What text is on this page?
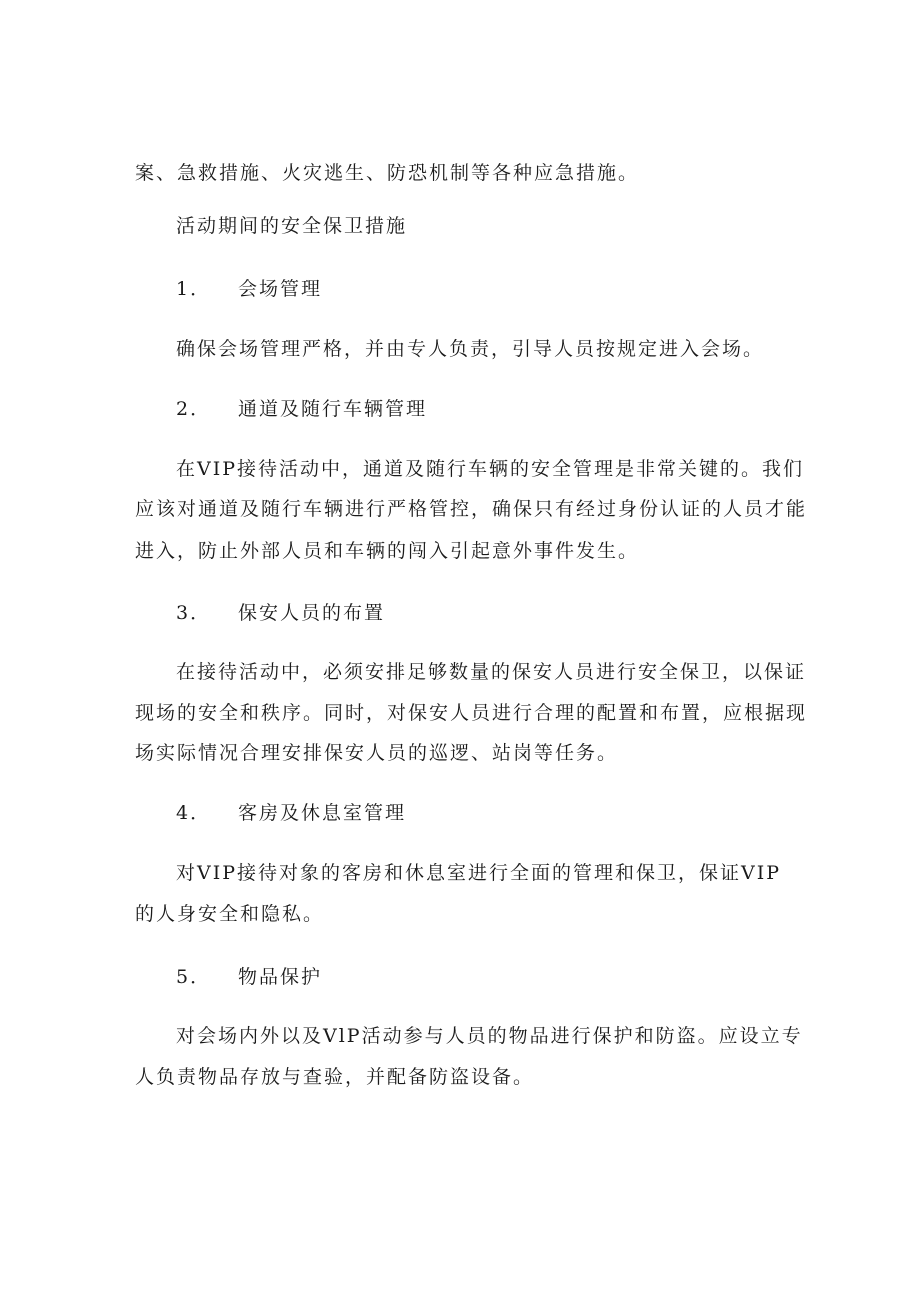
案、急救措施、火灾逃生、防恐机制等各种应急措施。
活动期间的安全保卫措施
1． 会场管理
确保会场管理严格，并由专人负责，引导人员按规定进入会场。
2． 通道及随行车辆管理
在VIP接待活动中，通道及随行车辆的安全管理是非常关键的。我们
应该对通道及随行车辆进行严格管控，确保只有经过身份认证的人员才能
进入，防止外部人员和车辆的闯入引起意外事件发生。
3． 保安人员的布置
在接待活动中，必须安排足够数量的保安人员进行安全保卫，以保证
现场的安全和秩序。同时，对保安人员进行合理的配置和布置，应根据现
场实际情况合理安排保安人员的巡逻、站岗等任务。
4． 客房及休息室管理
对VIP接待对象的客房和休息室进行全面的管理和保卫，保证VIP
的人身安全和隐私。
5． 物品保护
对会场内外以及VlP活动参与人员的物品进行保护和防盗。应设立专
人负责物品存放与查验，并配备防盗设备。
